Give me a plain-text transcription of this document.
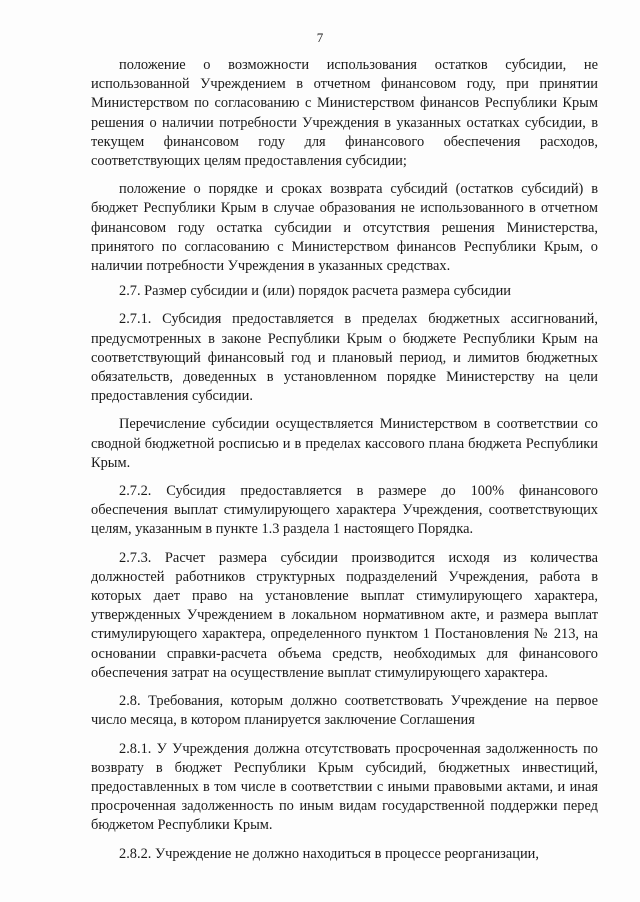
7

положение о возможности использования остатков субсидии, не использованной Учреждением в отчетном финансовом году, при принятии Министерством по согласованию с Министерством финансов Республики Крым решения о наличии потребности Учреждения в указанных остатках субсидии, в текущем финансовом году для финансового обеспечения расходов, соответствующих целям предоставления субсидии;

положение о порядке и сроках возврата субсидий (остатков субсидий) в бюджет Республики Крым в случае образования не использованного в отчетном финансовом году остатка субсидии и отсутствия решения Министерства, принятого по согласованию с Министерством финансов Республики Крым, о наличии потребности Учреждения в указанных средствах.

2.7. Размер субсидии и (или) порядок расчета размера субсидии

2.7.1. Субсидия предоставляется в пределах бюджетных ассигнований, предусмотренных в законе Республики Крым о бюджете Республики Крым на соответствующий финансовый год и плановый период, и лимитов бюджетных обязательств, доведенных в установленном порядке Министерству на цели предоставления субсидии.

Перечисление субсидии осуществляется Министерством в соответствии со сводной бюджетной росписью и в пределах кассового плана бюджета Республики Крым.

2.7.2. Субсидия предоставляется в размере до 100% финансового обеспечения выплат стимулирующего характера Учреждения, соответствующих целям, указанным в пункте 1.3 раздела 1 настоящего Порядка.

2.7.3. Расчет размера субсидии производится исходя из количества должностей работников структурных подразделений Учреждения, работа в которых дает право на установление выплат стимулирующего характера, утвержденных Учреждением в локальном нормативном акте, и размера выплат стимулирующего характера, определенного пунктом 1 Постановления № 213, на основании справки-расчета объема средств, необходимых для финансового обеспечения затрат на осуществление выплат стимулирующего характера.

2.8. Требования, которым должно соответствовать Учреждение на первое число месяца, в котором планируется заключение Соглашения

2.8.1. У Учреждения должна отсутствовать просроченная задолженность по возврату в бюджет Республики Крым субсидий, бюджетных инвестиций, предоставленных в том числе в соответствии с иными правовыми актами, и иная просроченная задолженность по иным видам государственной поддержки перед бюджетом Республики Крым.

2.8.2. Учреждение не должно находиться в процессе реорганизации,
